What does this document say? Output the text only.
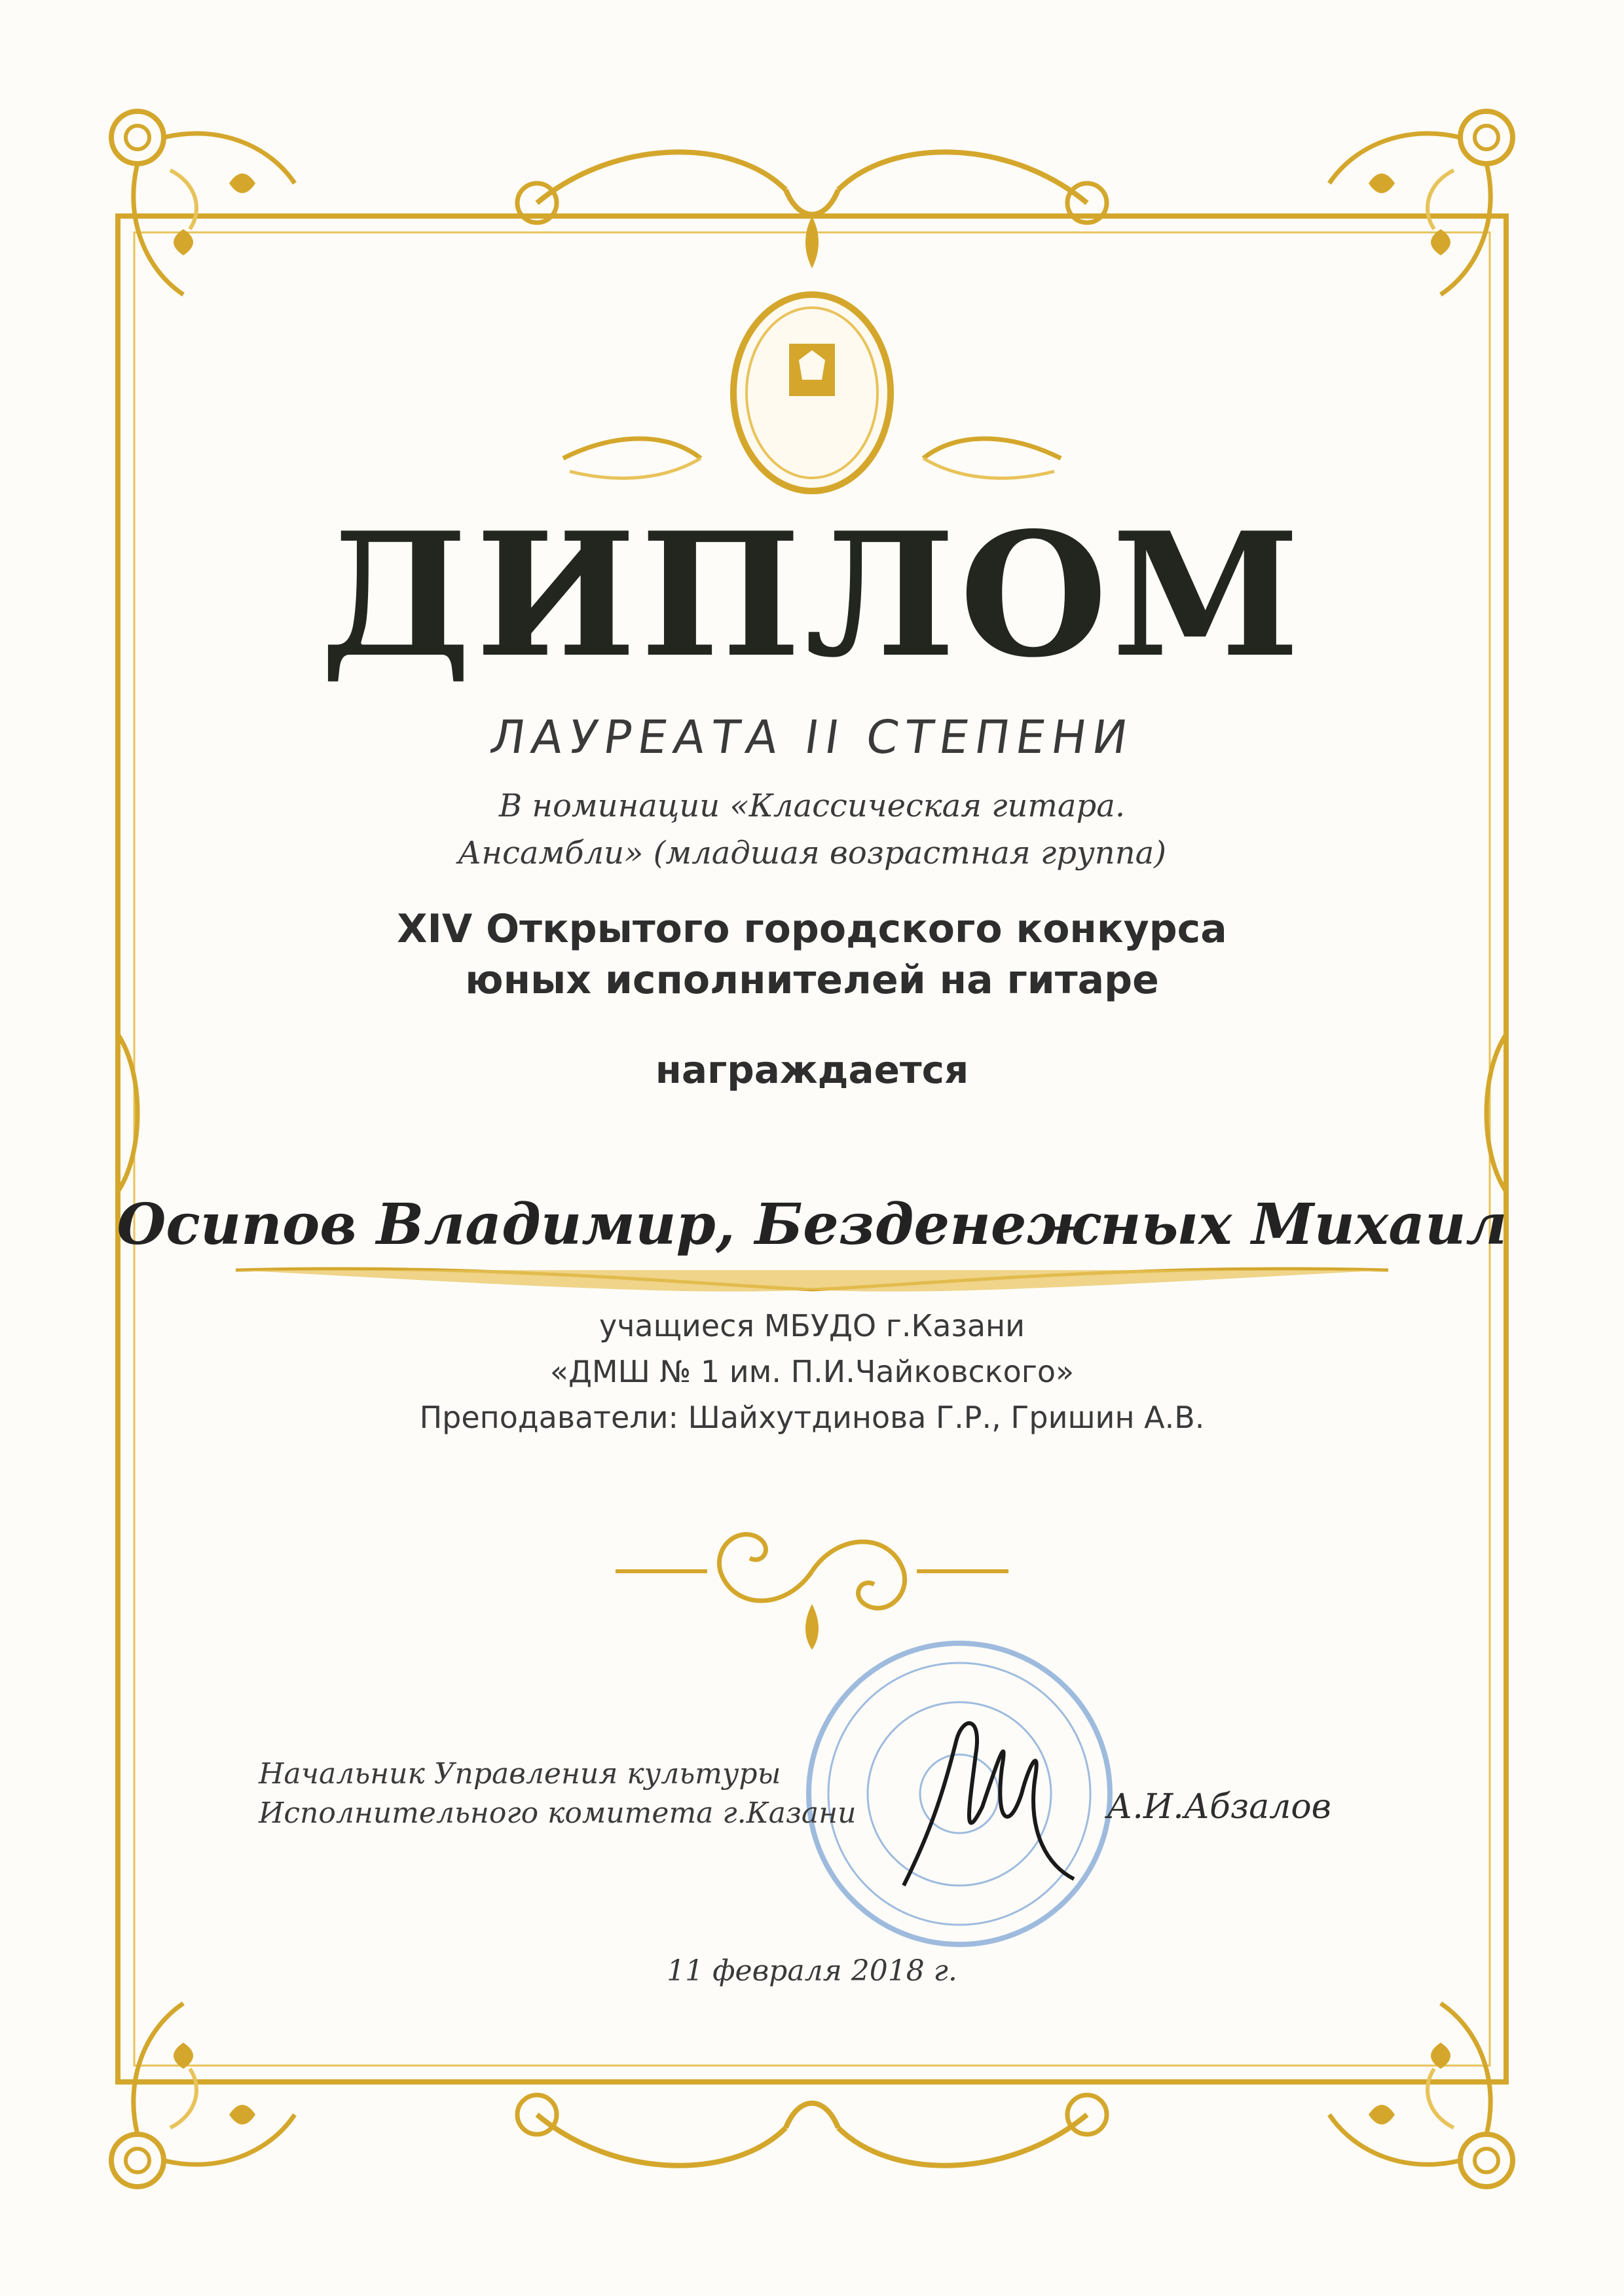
ДИПЛОМ
ЛАУРЕАТА II СТЕПЕНИ
В номинации «Классическая гитара.
Ансамбли» (младшая возрастная группа)
XIV Открытого городского конкурса
юных исполнителей на гитаре
награждается
Осипов Владимир, Безденежных Михаил
учащиеся МБУДО г.Казани
«ДМШ № 1 им. П.И.Чайковского»
Преподаватели: Шайхутдинова Г.Р., Гришин А.В.
Начальник Управления культуры
Исполнительного комитета г.Казани	А.И.Абзалов
11 февраля 2018 г.
